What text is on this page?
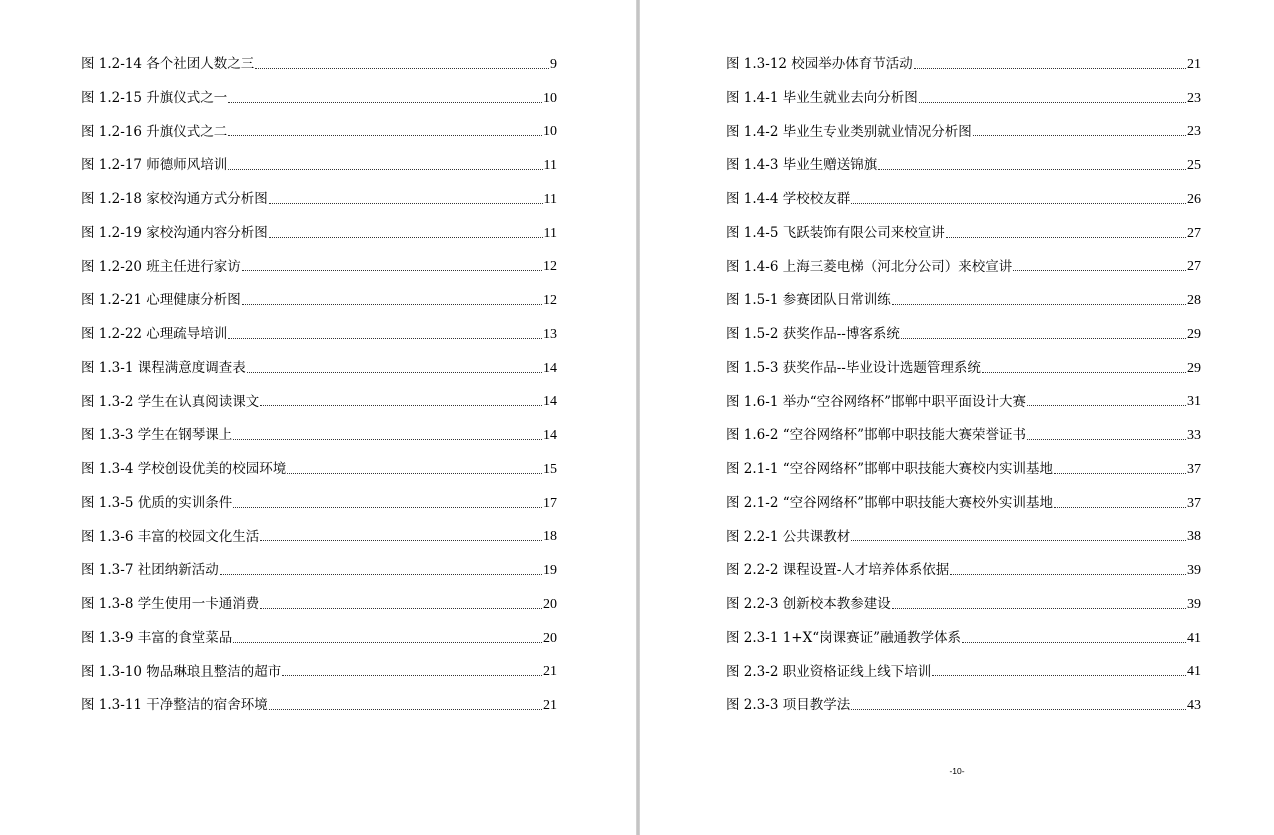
图 1.2-14 各个社团人数之三	9
图 1.2-15 升旗仪式之一	10
图 1.2-16 升旗仪式之二	10
图 1.2-17 师德师风培训	11
图 1.2-18 家校沟通方式分析图	11
图 1.2-19 家校沟通内容分析图	11
图 1.2-20 班主任进行家访	12
图 1.2-21 心理健康分析图	12
图 1.2-22 心理疏导培训	13
图 1.3-1 课程满意度调查表	14
图 1.3-2 学生在认真阅读课文	14
图 1.3-3 学生在钢琴课上	14
图 1.3-4 学校创设优美的校园环境	15
图 1.3-5 优质的实训条件	17
图 1.3-6 丰富的校园文化生活	18
图 1.3-7 社团纳新活动	19
图 1.3-8 学生使用一卡通消费	20
图 1.3-9 丰富的食堂菜品	20
图 1.3-10 物品琳琅且整洁的超市	21
图 1.3-11 干净整洁的宿舍环境	21
图 1.3-12 校园举办体育节活动	21
图 1.4-1 毕业生就业去向分析图	23
图 1.4-2 毕业生专业类别就业情况分析图	23
图 1.4-3 毕业生赠送锦旗	25
图 1.4-4 学校校友群	26
图 1.4-5 飞跃装饰有限公司来校宣讲	27
图 1.4-6 上海三菱电梯（河北分公司）来校宣讲	27
图 1.5-1 参赛团队日常训练	28
图 1.5-2 获奖作品--博客系统	29
图 1.5-3 获奖作品--毕业设计选题管理系统	29
图 1.6-1 举办“空谷网络杯”邯郸中职平面设计大赛	31
图 1.6-2 “空谷网络杯”邯郸中职技能大赛荣誉证书	33
图 2.1-1 “空谷网络杯”邯郸中职技能大赛校内实训基地	37
图 2.1-2 “空谷网络杯”邯郸中职技能大赛校外实训基地	37
图 2.2-1 公共课教材	38
图 2.2-2 课程设置-人才培养体系依据	39
图 2.2-3 创新校本教参建设	39
图 2.3-1 1+X“岗课赛证”融通教学体系	41
图 2.3-2 职业资格证线上线下培训	41
图 2.3-3 项目教学法	43
-10-
